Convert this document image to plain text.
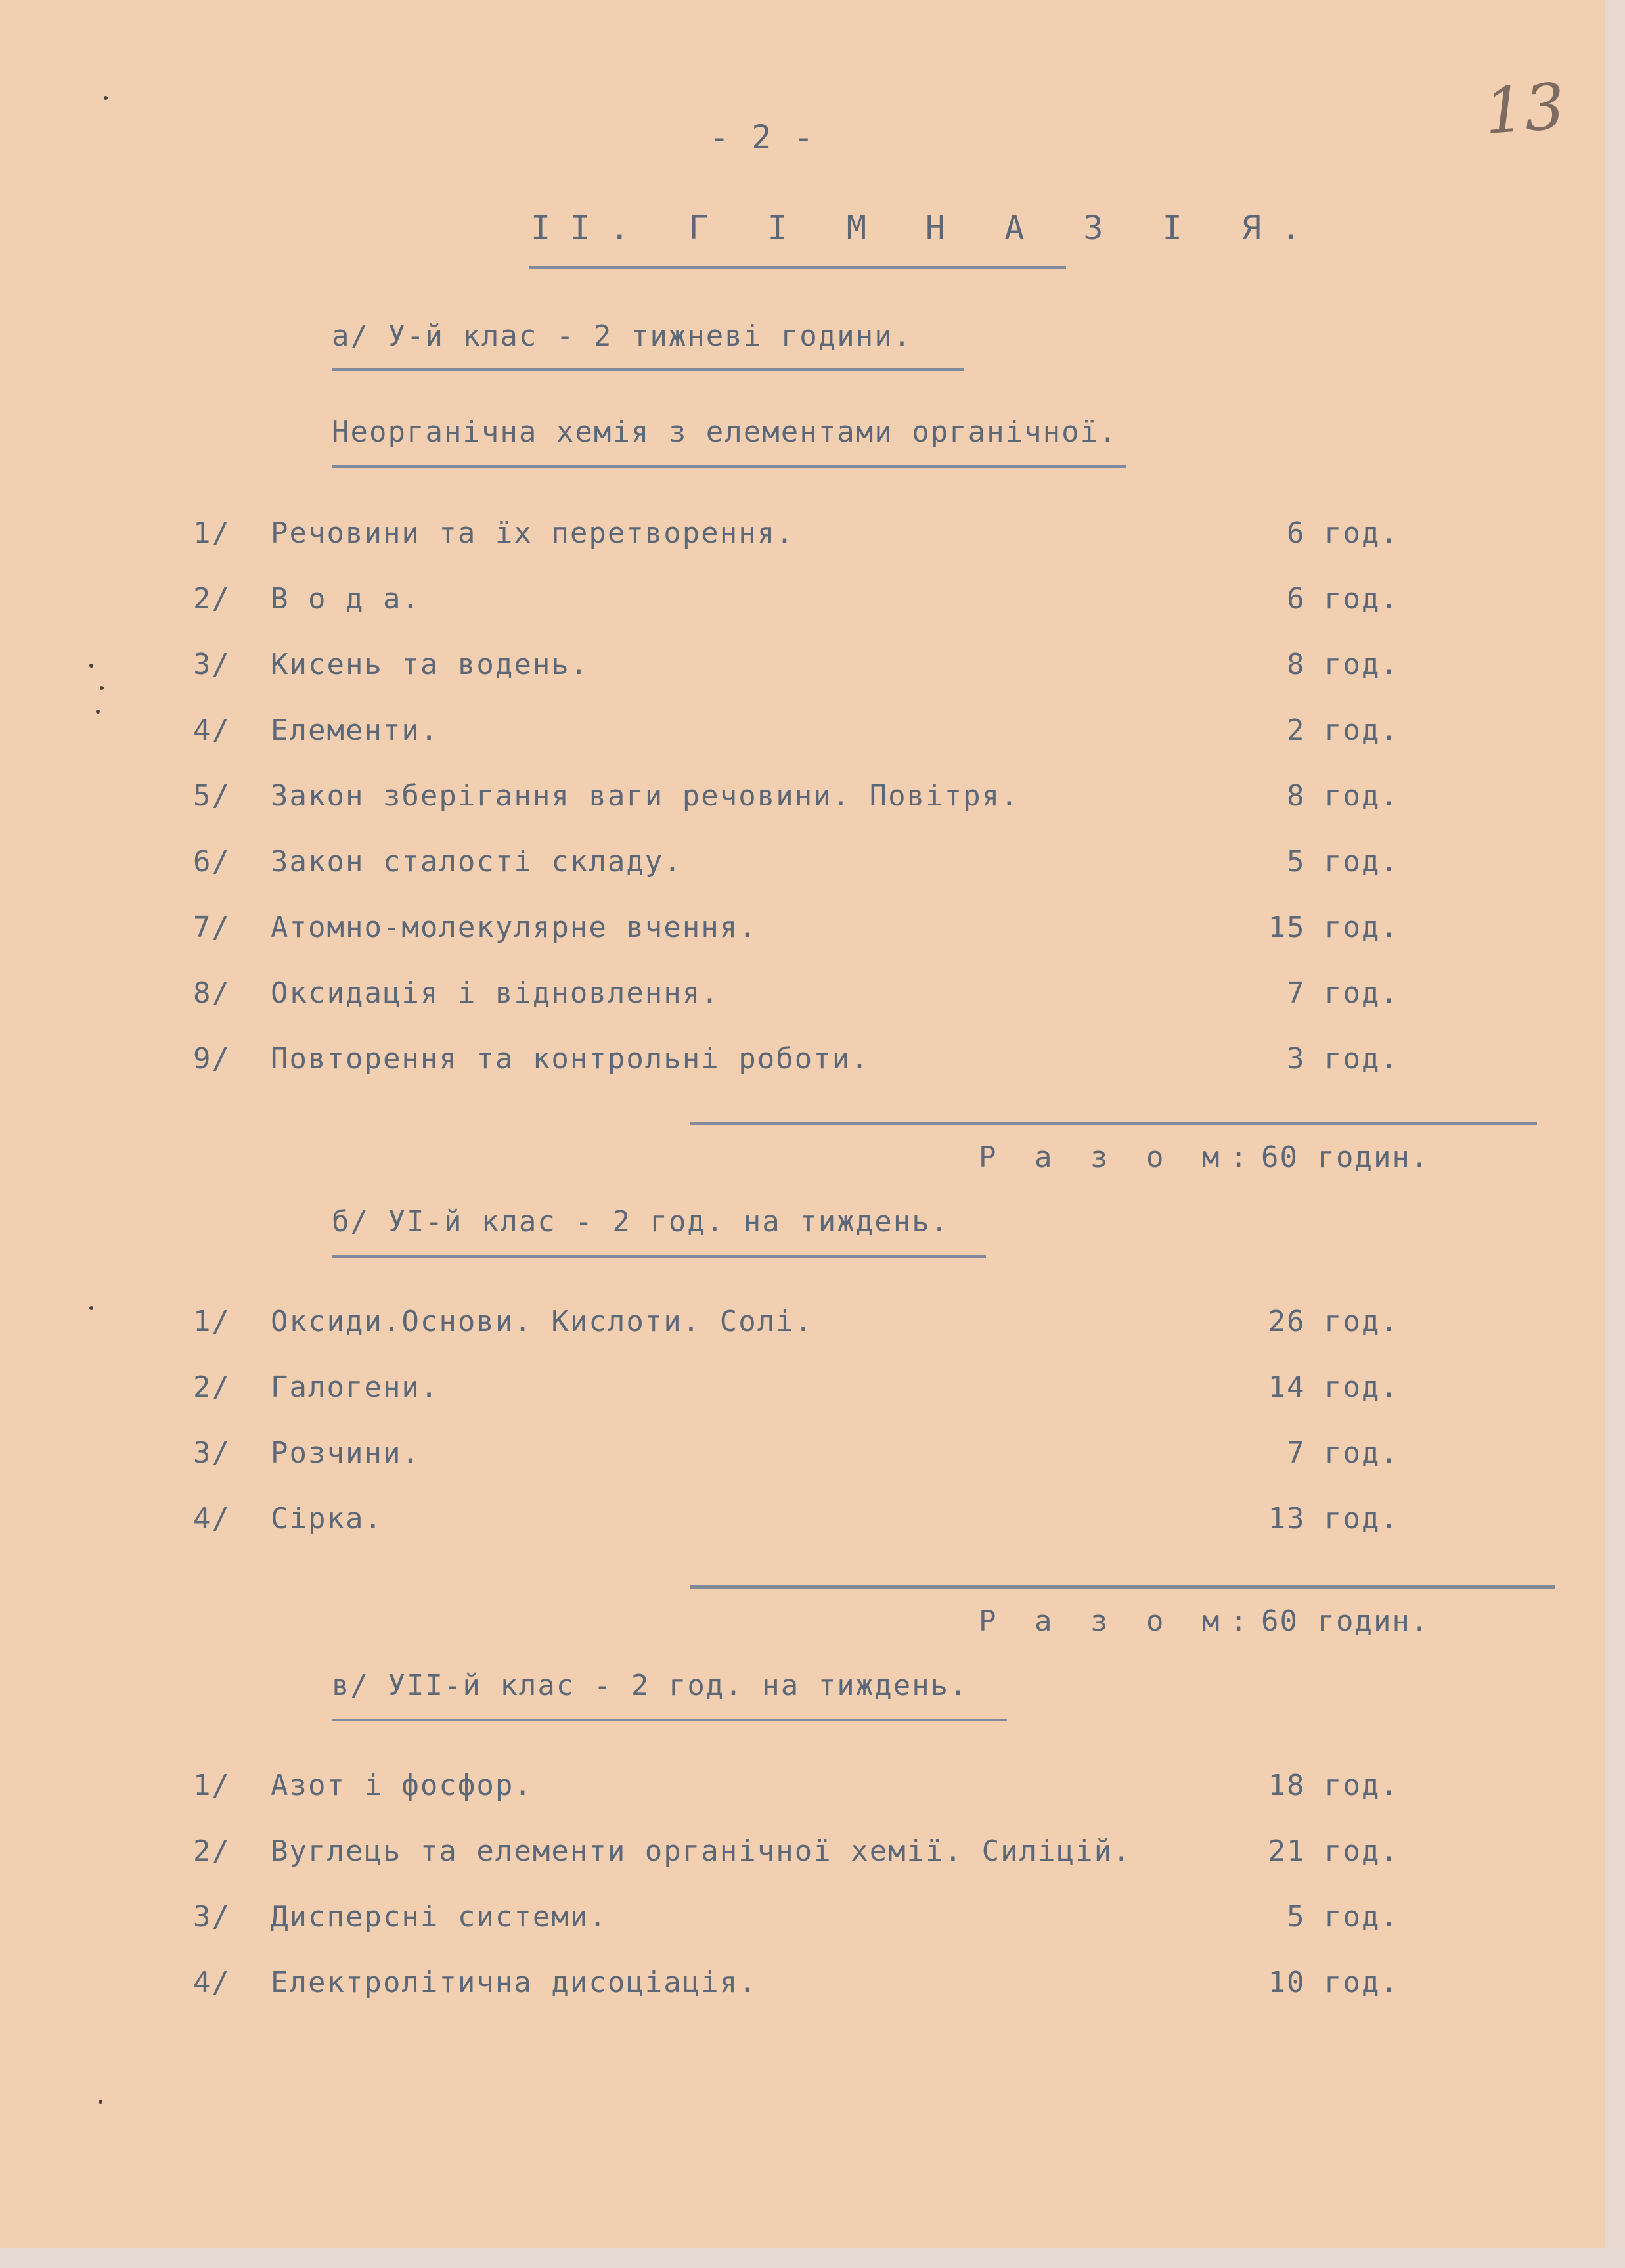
- 2 -	13
II. Г І М Н А З І Я.
а/ У-й клас - 2 тижневі години.
Неорганічна хемія з елементами органічної.
1/	Речовини та їх перетворення.	6 год.
2/	В о д а.	6 год.
3/	Кисень та водень.	8 год.
4/	Елементи.	2 год.
5/	Закон зберігання ваги речовини. Повітря.	8 год.
6/	Закон сталості складу.	5 год.
7/	Атомно-молекулярне вчення.	15 год.
8/	Оксидація і відновлення.	7 год.
9/	Повторення та контрольні роботи.	3 год.
Р а з о м: 60 годин.
б/ УІ-й клас - 2 год. на тиждень.
1/	Оксиди.Основи. Кислоти. Солі.	26 год.
2/	Галогени.	14 год.
3/	Розчини.	7 год.
4/	Сірка.	13 год.
Р а з о м: 60 годин.
в/ УІІ-й клас - 2 год. на тиждень.
1/	Азот і фосфор.	18 год.
2/	Вуглець та елементи органічної хемії. Силіцій.	21 год.
3/	Дисперсні системи.	5 год.
4/	Електролітична дисоціація.	10 год.
